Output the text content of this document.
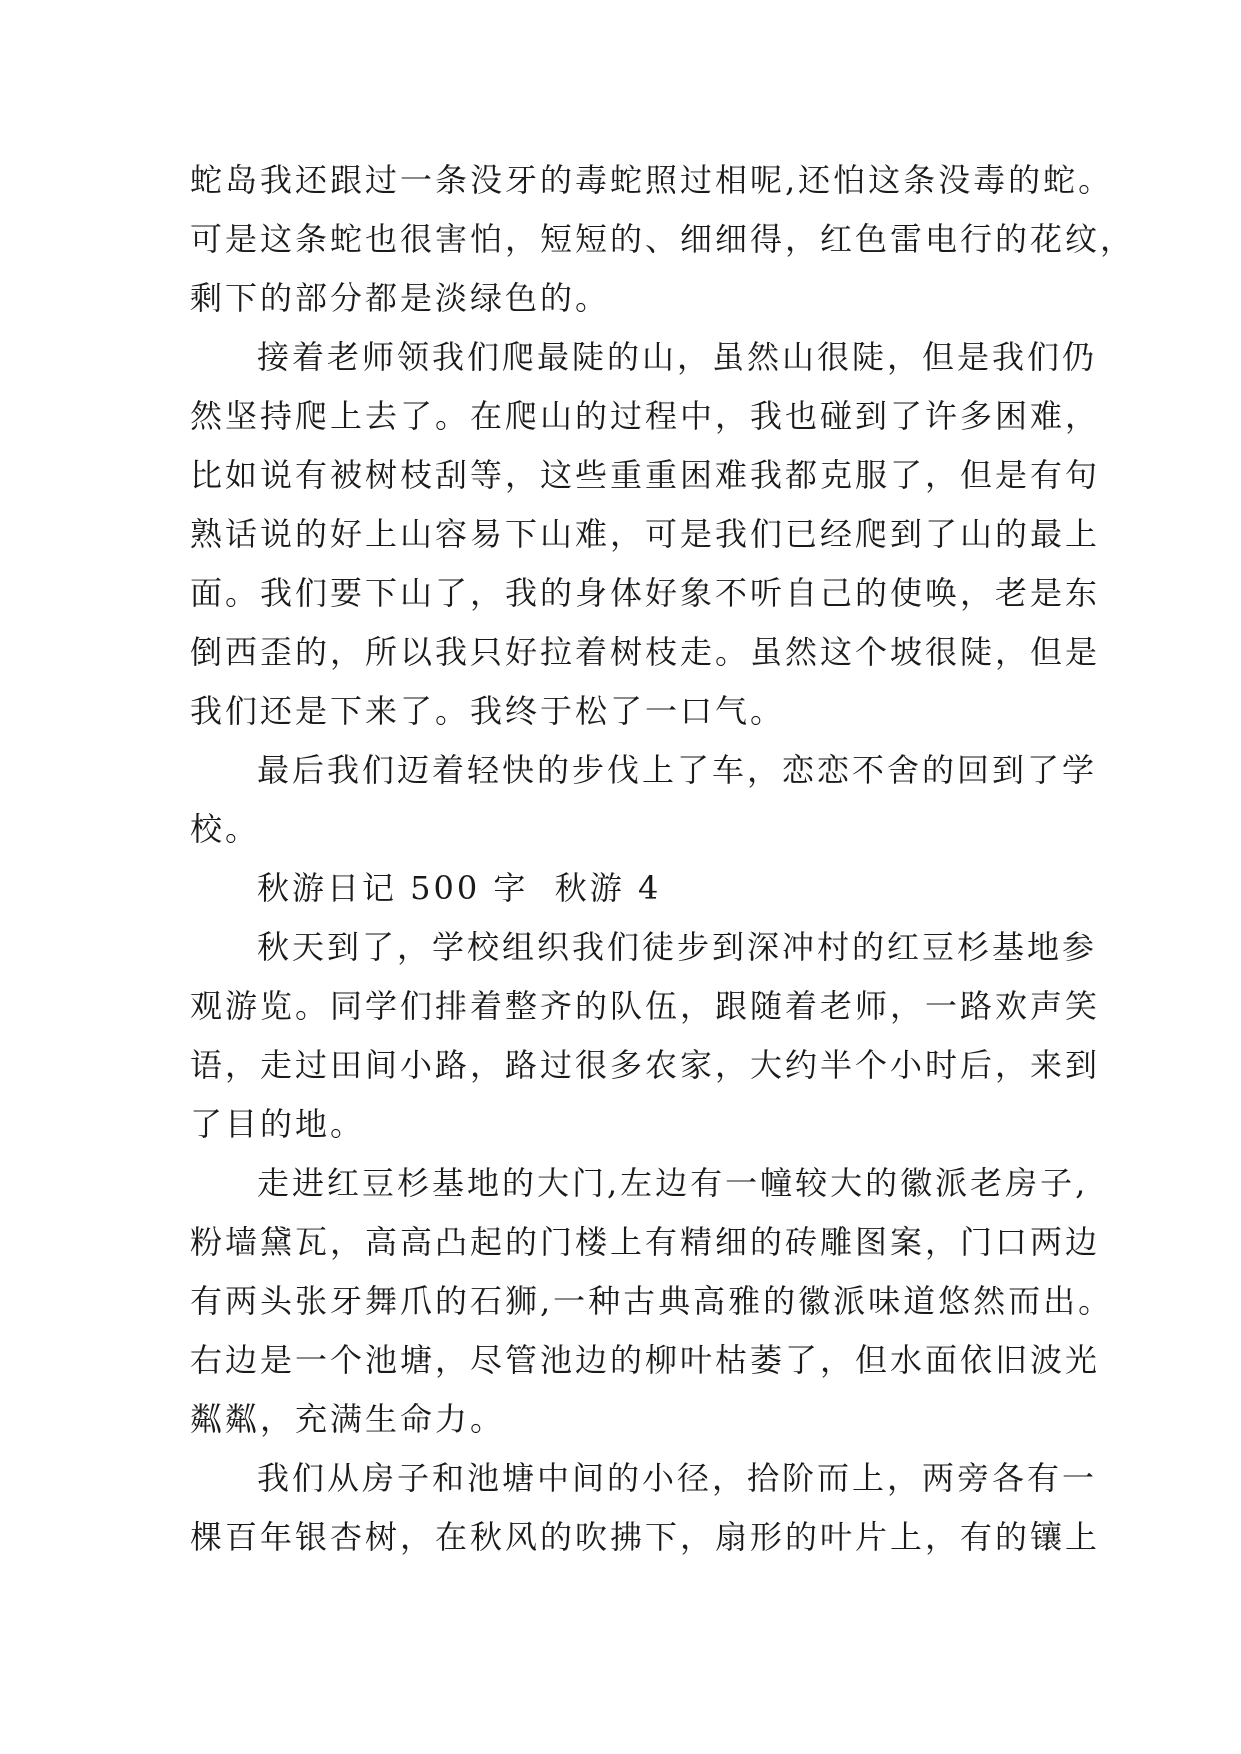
蛇岛我还跟过一条没牙的毒蛇照过相呢,还怕这条没毒的蛇。
可是这条蛇也很害怕，短短的、细细得，红色雷电行的花纹，
剩下的部分都是淡绿色的。
接着老师领我们爬最陡的山，虽然山很陡，但是我们仍
然坚持爬上去了。在爬山的过程中，我也碰到了许多困难，
比如说有被树枝刮等，这些重重困难我都克服了，但是有句
熟话说的好上山容易下山难，可是我们已经爬到了山的最上
面。我们要下山了，我的身体好象不听自己的使唤，老是东
倒西歪的，所以我只好拉着树枝走。虽然这个坡很陡，但是
我们还是下来了。我终于松了一口气。
最后我们迈着轻快的步伐上了车，恋恋不舍的回到了学
校。
秋游日记 500 字  秋游 4
秋天到了，学校组织我们徒步到深冲村的红豆杉基地参
观游览。同学们排着整齐的队伍，跟随着老师，一路欢声笑
语，走过田间小路，路过很多农家，大约半个小时后，来到
了目的地。
走进红豆杉基地的大门,左边有一幢较大的徽派老房子,
粉墙黛瓦，高高凸起的门楼上有精细的砖雕图案，门口两边
有两头张牙舞爪的石狮,一种古典高雅的徽派味道悠然而出。
右边是一个池塘，尽管池边的柳叶枯萎了，但水面依旧波光
粼粼，充满生命力。
我们从房子和池塘中间的小径，拾阶而上，两旁各有一
棵百年银杏树，在秋风的吹拂下，扇形的叶片上，有的镶上
